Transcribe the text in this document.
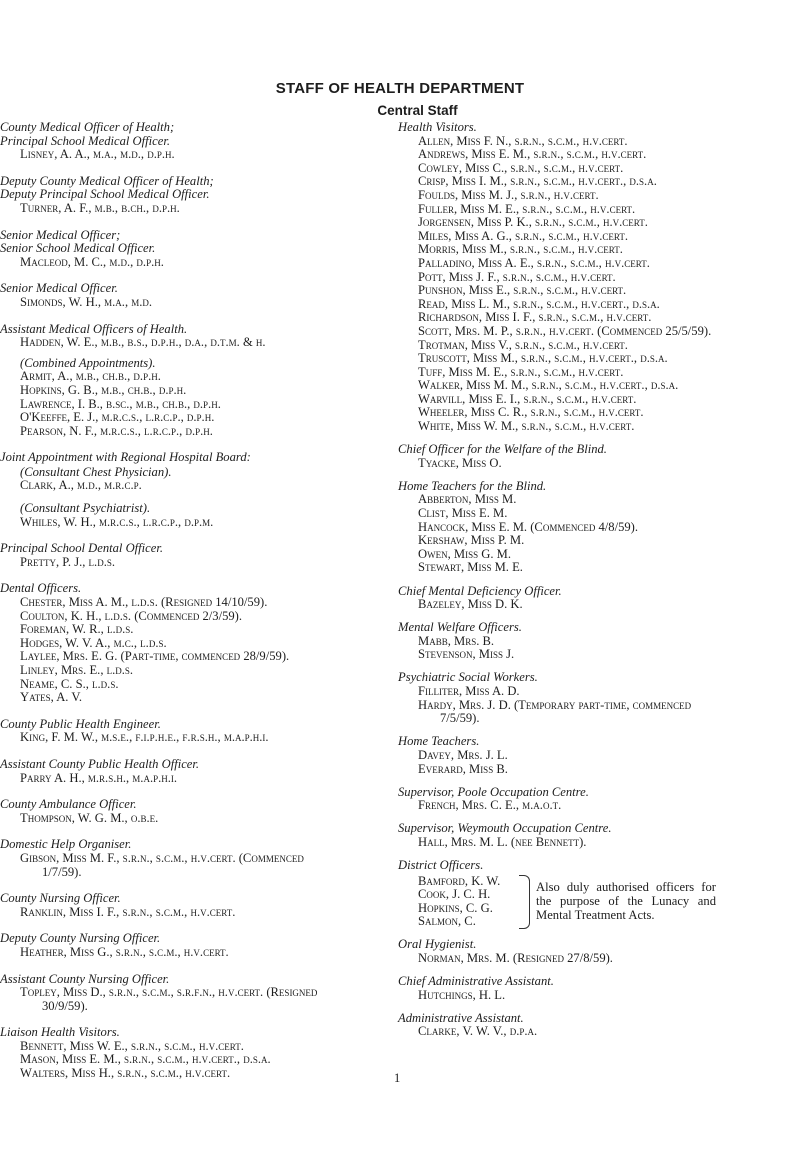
STAFF OF HEALTH DEPARTMENT
Central Staff
County Medical Officer of Health;
Principal School Medical Officer.
Lisney, A. A., m.a., m.d., d.p.h.
Deputy County Medical Officer of Health;
Deputy Principal School Medical Officer.
Turner, A. F., m.b., b.ch., d.p.h.
Senior Medical Officer;
Senior School Medical Officer.
Macleod, M. C., m.d., d.p.h.
Senior Medical Officer.
Simonds, W. H., m.a., m.d.
Assistant Medical Officers of Health.
Hadden, W. E., m.b., b.s., d.p.h., d.a., d.t.m. & h.
(Combined Appointments).
Armit, A., m.b., ch.b., d.p.h.
Hopkins, G. B., m.b., ch.b., d.p.h.
Lawrence, I. B., b.sc., m.b., ch.b., d.p.h.
O'Keeffe, E. J., m.r.c.s., l.r.c.p., d.p.h.
Pearson, N. F., m.r.c.s., l.r.c.p., d.p.h.
Joint Appointment with Regional Hospital Board:
(Consultant Chest Physician).
Clark, A., m.d., m.r.c.p.
(Consultant Psychiatrist).
Whiles, W. H., m.r.c.s., l.r.c.p., d.p.m.
Principal School Dental Officer.
Pretty, P. J., l.d.s.
Dental Officers.
Chester, Miss A. M., l.d.s. (Resigned 14/10/59).
Coulton, K. H., l.d.s. (Commenced 2/3/59).
Foreman, W. R., l.d.s.
Hodges, W. V. A., m.c., l.d.s.
Laylee, Mrs. E. G. (Part-time, commenced 28/9/59).
Linley, Mrs. E., l.d.s.
Neame, C. S., l.d.s.
Yates, A. V.
County Public Health Engineer.
King, F. M. W., m.s.e., f.i.p.h.e., f.r.s.h., m.a.p.h.i.
Assistant County Public Health Officer.
Parry A. H., m.r.s.h., m.a.p.h.i.
County Ambulance Officer.
Thompson, W. G. M., o.b.e.
Domestic Help Organiser.
Gibson, Miss M. F., s.r.n., s.c.m., h.v.cert. (Commenced
1/7/59).
County Nursing Officer.
Ranklin, Miss I. F., s.r.n., s.c.m., h.v.cert.
Deputy County Nursing Officer.
Heather, Miss G., s.r.n., s.c.m., h.v.cert.
Assistant County Nursing Officer.
Topley, Miss D., s.r.n., s.c.m., s.r.f.n., h.v.cert. (Resigned
30/9/59).
Liaison Health Visitors.
Bennett, Miss W. E., s.r.n., s.c.m., h.v.cert.
Mason, Miss E. M., s.r.n., s.c.m., h.v.cert., d.s.a.
Walters, Miss H., s.r.n., s.c.m., h.v.cert.
Health Visitors.
Allen, Miss F. N., s.r.n., s.c.m., h.v.cert.
Andrews, Miss E. M., s.r.n., s.c.m., h.v.cert.
Cowley, Miss C., s.r.n., s.c.m., h.v.cert.
Crisp, Miss I. M., s.r.n., s.c.m., h.v.cert., d.s.a.
Foulds, Miss M. J., s.r.n., h.v.cert.
Fuller, Miss M. E., s.r.n., s.c.m., h.v.cert.
Jorgensen, Miss P. K., s.r.n., s.c.m., h.v.cert.
Miles, Miss A. G., s.r.n., s.c.m., h.v.cert.
Morris, Miss M., s.r.n., s.c.m., h.v.cert.
Palladino, Miss A. E., s.r.n., s.c.m., h.v.cert.
Pott, Miss J. F., s.r.n., s.c.m., h.v.cert.
Punshon, Miss E., s.r.n., s.c.m., h.v.cert.
Read, Miss L. M., s.r.n., s.c.m., h.v.cert., d.s.a.
Richardson, Miss I. F., s.r.n., s.c.m., h.v.cert.
Scott, Mrs. M. P., s.r.n., h.v.cert. (Commenced 25/5/59).
Trotman, Miss V., s.r.n., s.c.m., h.v.cert.
Truscott, Miss M., s.r.n., s.c.m., h.v.cert., d.s.a.
Tuff, Miss M. E., s.r.n., s.c.m., h.v.cert.
Walker, Miss M. M., s.r.n., s.c.m., h.v.cert., d.s.a.
Warvill, Miss E. I., s.r.n., s.c.m., h.v.cert.
Wheeler, Miss C. R., s.r.n., s.c.m., h.v.cert.
White, Miss W. M., s.r.n., s.c.m., h.v.cert.
Chief Officer for the Welfare of the Blind.
Tyacke, Miss O.
Home Teachers for the Blind.
Abberton, Miss M.
Clist, Miss E. M.
Hancock, Miss E. M. (Commenced 4/8/59).
Kershaw, Miss P. M.
Owen, Miss G. M.
Stewart, Miss M. E.
Chief Mental Deficiency Officer.
Bazeley, Miss D. K.
Mental Welfare Officers.
Mabb, Mrs. B.
Stevenson, Miss J.
Psychiatric Social Workers.
Filliter, Miss A. D.
Hardy, Mrs. J. D. (Temporary part-time, commenced
7/5/59).
Home Teachers.
Davey, Mrs. J. L.
Everard, Miss B.
Supervisor, Poole Occupation Centre.
French, Mrs. C. E., m.a.o.t.
Supervisor, Weymouth Occupation Centre.
Hall, Mrs. M. L. (nee Bennett).
District Officers.
Bamford, K. W.
Cook, J. C. H.
Hopkins, C. G.
Salmon, C.
Also duly authorised officers for the purpose of the Lunacy and Mental Treatment Acts.
Oral Hygienist.
Norman, Mrs. M. (Resigned 27/8/59).
Chief Administrative Assistant.
Hutchings, H. L.
Administrative Assistant.
Clarke, V. W. V., d.p.a.
1
